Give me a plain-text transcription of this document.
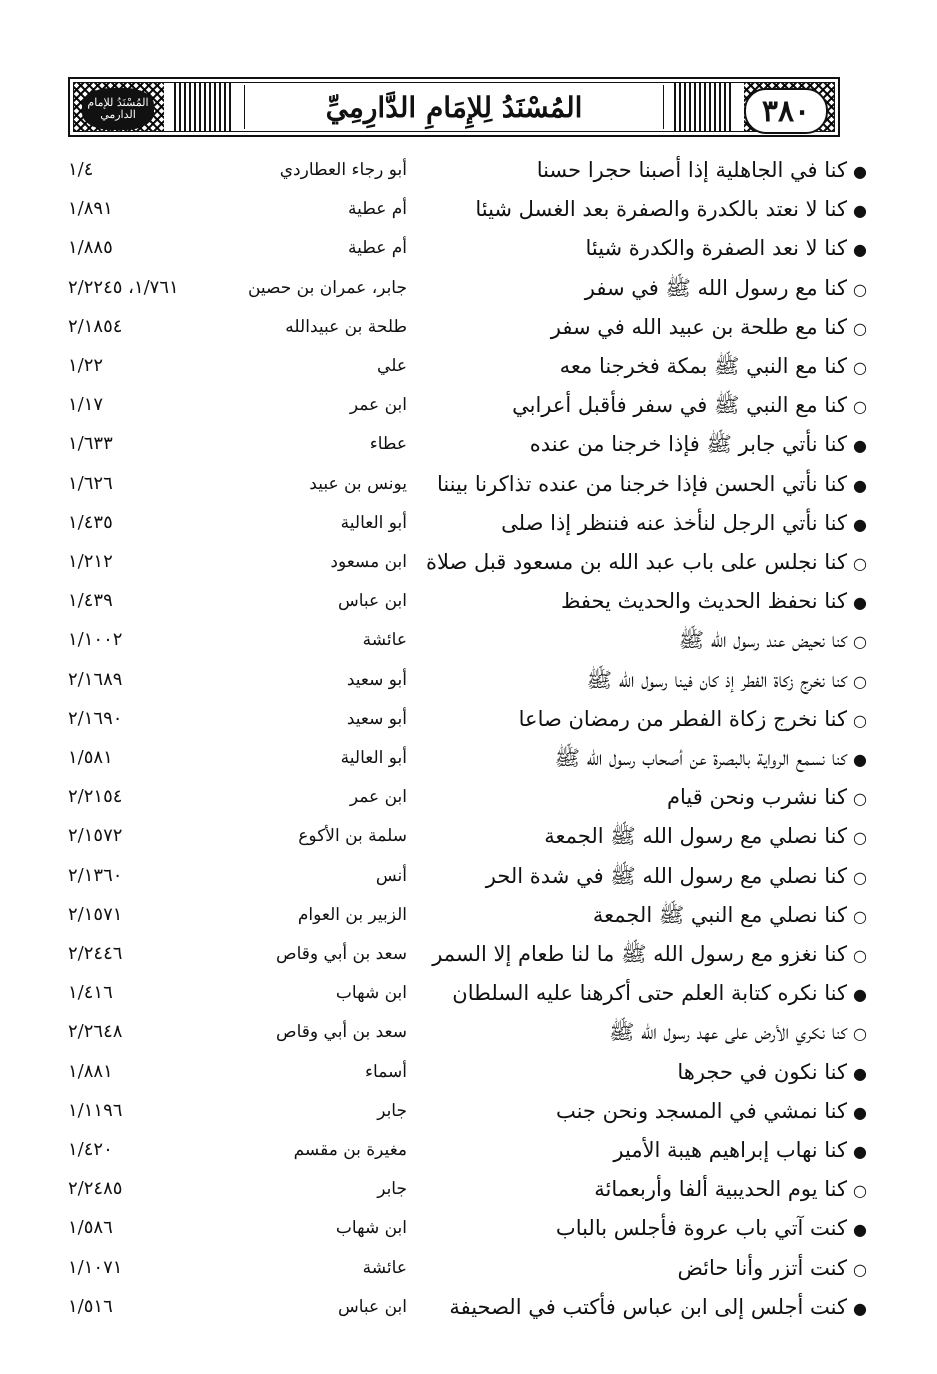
المُسْنَدُ للإمام الدارمي	المُسْنَدُ لِلإِمَامِ الدَّارِمِيِّ	٣٨٠
●كنا في الجاهلية إذا أصبنا حجرا حسنا
أبو رجاء العطاردي
١/٤
●كنا لا نعتد بالكدرة والصفرة بعد الغسل شيئا
أم عطية
١/٨٩١
●كنا لا نعد الصفرة والكدرة شيئا
أم عطية
١/٨٨٥
○كنا مع رسول الله ﷺ في سفر
جابر، عمران بن حصين
١/٧٦١، ٢/٢٢٤٥
○كنا مع طلحة بن عبيد الله في سفر
طلحة بن عبيدالله
٢/١٨٥٤
○كنا مع النبي ﷺ بمكة فخرجنا معه
علي
١/٢٢
○كنا مع النبي ﷺ في سفر فأقبل أعرابي
ابن عمر
١/١٧
●كنا نأتي جابر ﷺ فإذا خرجنا من عنده
عطاء
١/٦٣٣
●كنا نأتي الحسن فإذا خرجنا من عنده تذاكرنا بيننا
يونس بن عبيد
١/٦٢٦
●كنا نأتي الرجل لنأخذ عنه فننظر إذا صلى
أبو العالية
١/٤٣٥
○كنا نجلس على باب عبد الله بن مسعود قبل صلاة
ابن مسعود
١/٢١٢
●كنا نحفظ الحديث والحديث يحفظ
ابن عباس
١/٤٣٩
○كنا نحيض عند رسول الله ﷺ
عائشة
١/١٠٠٢
○كنا نخرج زكاة الفطر إذ كان فينا رسول الله ﷺ
أبو سعيد
٢/١٦٨٩
○كنا نخرج زكاة الفطر من رمضان صاعا
أبو سعيد
٢/١٦٩٠
●كنا نسمع الرواية بالبصرة عن أصحاب رسول الله ﷺ
أبو العالية
١/٥٨١
○كنا نشرب ونحن قيام
ابن عمر
٢/٢١٥٤
○كنا نصلي مع رسول الله ﷺ الجمعة
سلمة بن الأكوع
٢/١٥٧٢
○كنا نصلي مع رسول الله ﷺ في شدة الحر
أنس
٢/١٣٦٠
○كنا نصلي مع النبي ﷺ الجمعة
الزبير بن العوام
٢/١٥٧١
○كنا نغزو مع رسول الله ﷺ ما لنا طعام إلا السمر
سعد بن أبي وقاص
٢/٢٤٤٦
●كنا نكره كتابة العلم حتى أكرهنا عليه السلطان
ابن شهاب
١/٤١٦
○كنا نكري الأرض على عهد رسول الله ﷺ
سعد بن أبي وقاص
٢/٢٦٤٨
●كنا نكون في حجرها
أسماء
١/٨٨١
●كنا نمشي في المسجد ونحن جنب
جابر
١/١١٩٦
●كنا نهاب إبراهيم هيبة الأمير
مغيرة بن مقسم
١/٤٢٠
○كنا يوم الحديبية ألفا وأربعمائة
جابر
٢/٢٤٨٥
●كنت آتي باب عروة فأجلس بالباب
ابن شهاب
١/٥٨٦
○كنت أتزر وأنا حائض
عائشة
١/١٠٧١
●كنت أجلس إلى ابن عباس فأكتب في الصحيفة
ابن عباس
١/٥١٦
